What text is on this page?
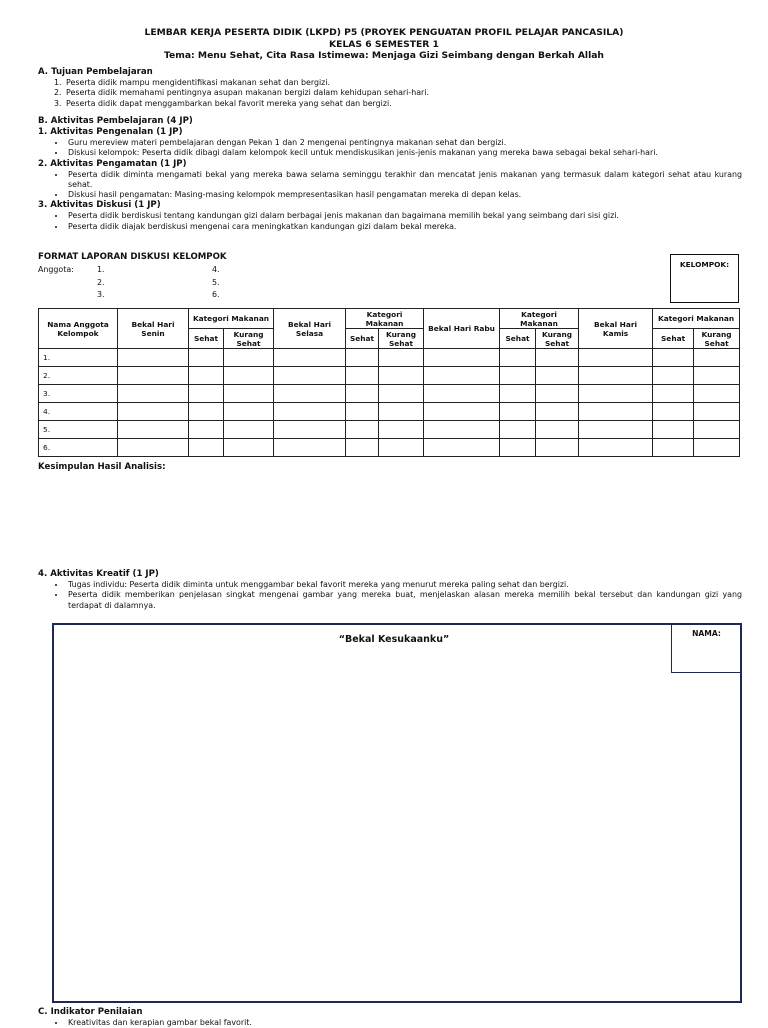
LEMBAR KERJA PESERTA DIDIK (LKPD) P5 (PROYEK PENGUATAN PROFIL PELAJAR PANCASILA)
KELAS 6 SEMESTER 1
Tema: Menu Sehat, Cita Rasa Istimewa: Menjaga Gizi Seimbang dengan Berkah Allah
A. Tujuan Pembelajaran
1. Peserta didik mampu mengidentifikasi makanan sehat dan bergizi.
2. Peserta didik memahami pentingnya asupan makanan bergizi dalam kehidupan sehari-hari.
3. Peserta didik dapat menggambarkan bekal favorit mereka yang sehat dan bergizi.
B. Aktivitas Pembelajaran (4 JP)
1. Aktivitas Pengenalan (1 JP)
• Guru mereview materi pembelajaran dengan Pekan 1 dan 2 mengenai pentingnya makanan sehat dan bergizi.
• Diskusi kelompok: Peserta didik dibagi dalam kelompok kecil untuk mendiskusikan jenis-jenis makanan yang mereka bawa sebagai bekal sehari-hari.
2. Aktivitas Pengamatan (1 JP)
• Peserta didik diminta mengamati bekal yang mereka bawa selama seminggu terakhir dan mencatat jenis makanan yang termasuk dalam kategori sehat atau kurang sehat.
• Diskusi hasil pengamatan: Masing-masing kelompok mempresentasikan hasil pengamatan mereka di depan kelas.
3. Aktivitas Diskusi (1 JP)
• Peserta didik berdiskusi tentang kandungan gizi dalam berbagai jenis makanan dan bagaimana memilih bekal yang seimbang dari sisi gizi.
• Peserta didik diajak berdiskusi mengenai cara meningkatkan kandungan gizi dalam bekal mereka.
FORMAT LAPORAN DISKUSI KELOMPOK
Anggota:	1.
2.
3.
4.
5.
6.
KELOMPOK:
Nama Anggota Kelompok	Bekal Hari Senin	Kategori Makanan		Bekal Hari Selasa	Kategori Makanan		Bekal Hari Rabu	Kategori Makanan		Bekal Hari Kamis	Kategori Makanan	
		Sehat	Kurang Sehat		Sehat	Kurang Sehat		Sehat	Kurang Sehat		Sehat	Kurang Sehat
1.												
2.												
3.												
4.												
5.												
6.												
Kesimpulan Hasil Analisis:
4. Aktivitas Kreatif (1 JP)
• Tugas individu: Peserta didik diminta untuk menggambar bekal favorit mereka yang menurut mereka paling sehat dan bergizi.
• Peserta didik memberikan penjelasan singkat mengenai gambar yang mereka buat, menjelaskan alasan mereka memilih bekal tersebut dan kandungan gizi yang terdapat di dalamnya.
“Bekal Kesukaanku”
NAMA:
C. Indikator Penilaian
• Kreativitas dan kerapian gambar bekal favorit.
